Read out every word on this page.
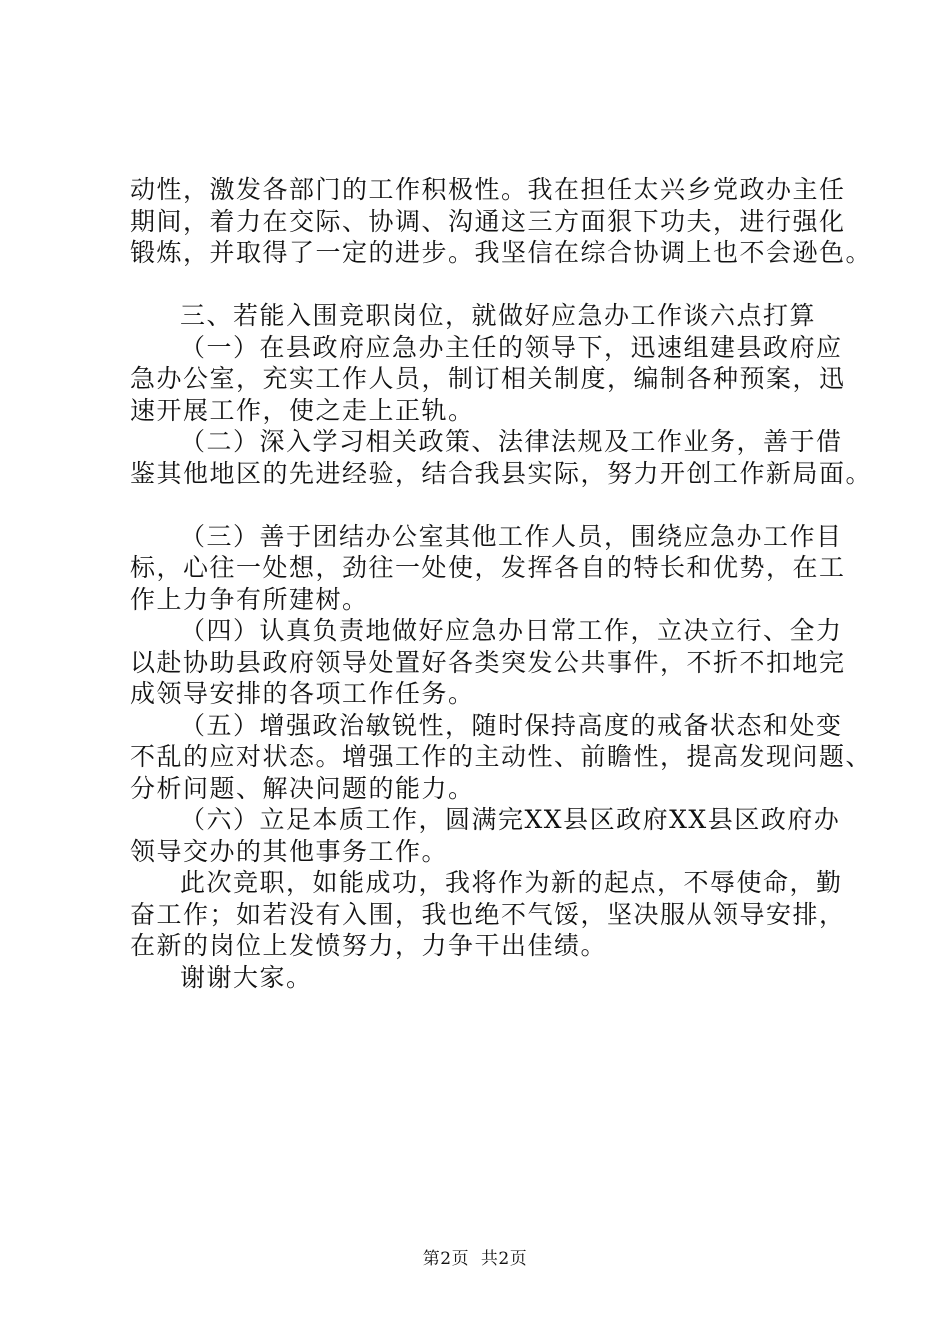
动性，激发各部门的工作积极性。我在担任太兴乡党政办主任
期间，着力在交际、协调、沟通这三方面狠下功夫，进行强化
锻炼，并取得了一定的进步。我坚信在综合协调上也不会逊色。
三、若能入围竞职岗位，就做好应急办工作谈六点打算
（一）在县政府应急办主任的领导下，迅速组建县政府应
急办公室，充实工作人员，制订相关制度，编制各种预案，迅
速开展工作，使之走上正轨。
（二）深入学习相关政策、法律法规及工作业务，善于借
鉴其他地区的先进经验，结合我县实际，努力开创工作新局面。
（三）善于团结办公室其他工作人员，围绕应急办工作目
标，心往一处想，劲往一处使，发挥各自的特长和优势，在工
作上力争有所建树。
（四）认真负责地做好应急办日常工作，立决立行、全力
以赴协助县政府领导处置好各类突发公共事件，不折不扣地完
成领导安排的各项工作任务。
（五）增强政治敏锐性，随时保持高度的戒备状态和处变
不乱的应对状态。增强工作的主动性、前瞻性，提高发现问题、
分析问题、解决问题的能力。
（六）立足本质工作，圆满完XX县区政府XX县区政府办
领导交办的其他事务工作。
此次竞职，如能成功，我将作为新的起点，不辱使命，勤
奋工作；如若没有入围，我也绝不气馁，坚决服从领导安排，
在新的岗位上发愤努力，力争干出佳绩。
谢谢大家。
第2页  共2页
